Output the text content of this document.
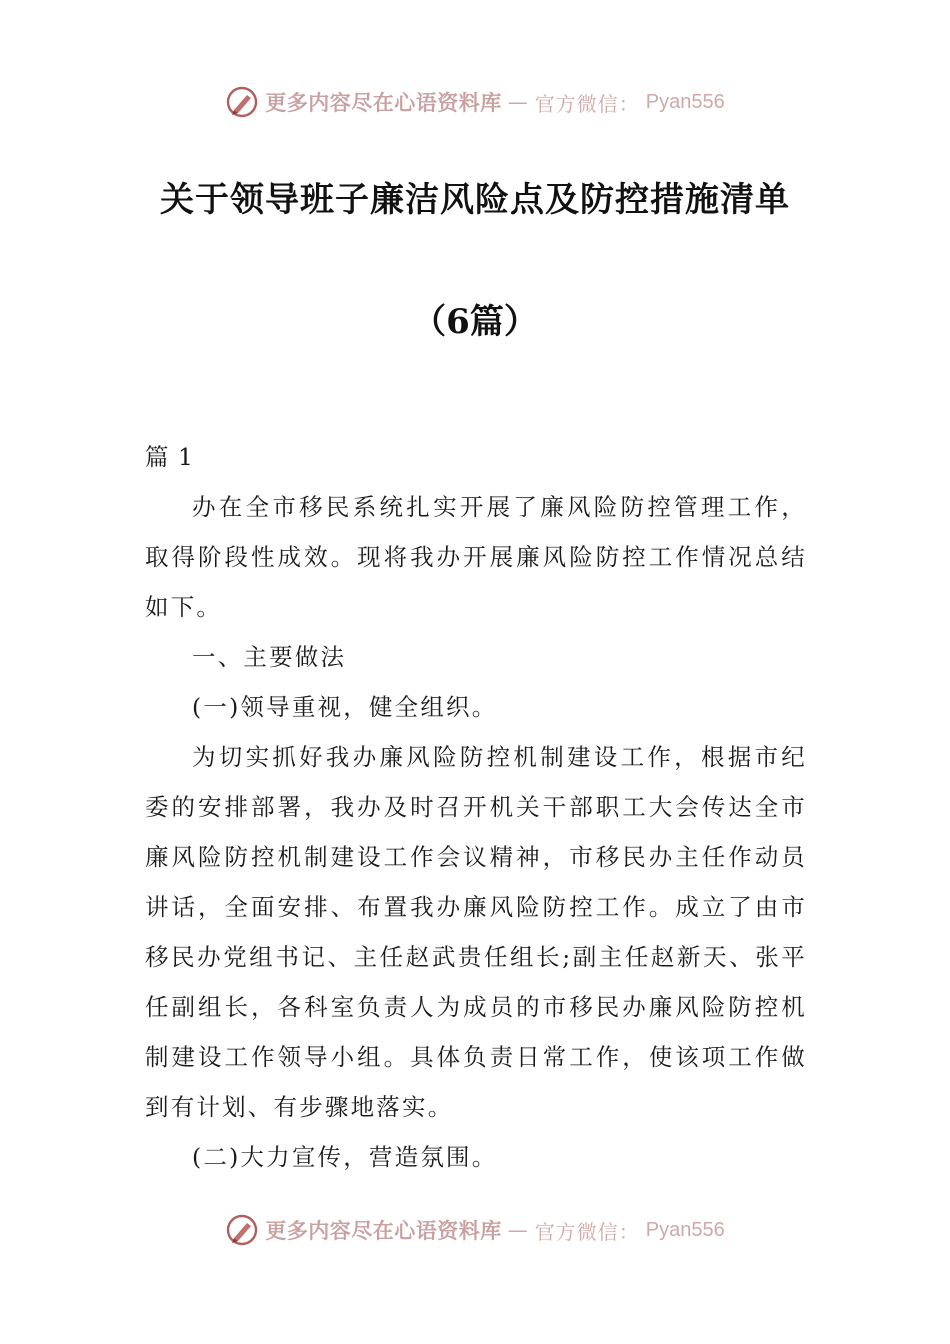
更多内容尽在心语资料库 — 官方微信： Pyan556
关于领导班子廉洁风险点及防控措施清单
（6篇）

篇 1

办在全市移民系统扎实开展了廉风险防控管理工作，取得阶段性成效。现将我办开展廉风险防控工作情况总结如下。

一、主要做法

(一)领导重视，健全组织。

为切实抓好我办廉风险防控机制建设工作，根据市纪委的安排部署，我办及时召开机关干部职工大会传达全市廉风险防控机制建设工作会议精神，市移民办主任作动员讲话，全面安排、布置我办廉风险防控工作。成立了由市移民办党组书记、主任赵武贵任组长;副主任赵新天、张平任副组长，各科室负责人为成员的市移民办廉风险防控机制建设工作领导小组。具体负责日常工作，使该项工作做到有计划、有步骤地落实。

(二)大力宣传，营造氛围。

更多内容尽在心语资料库 — 官方微信： Pyan556
